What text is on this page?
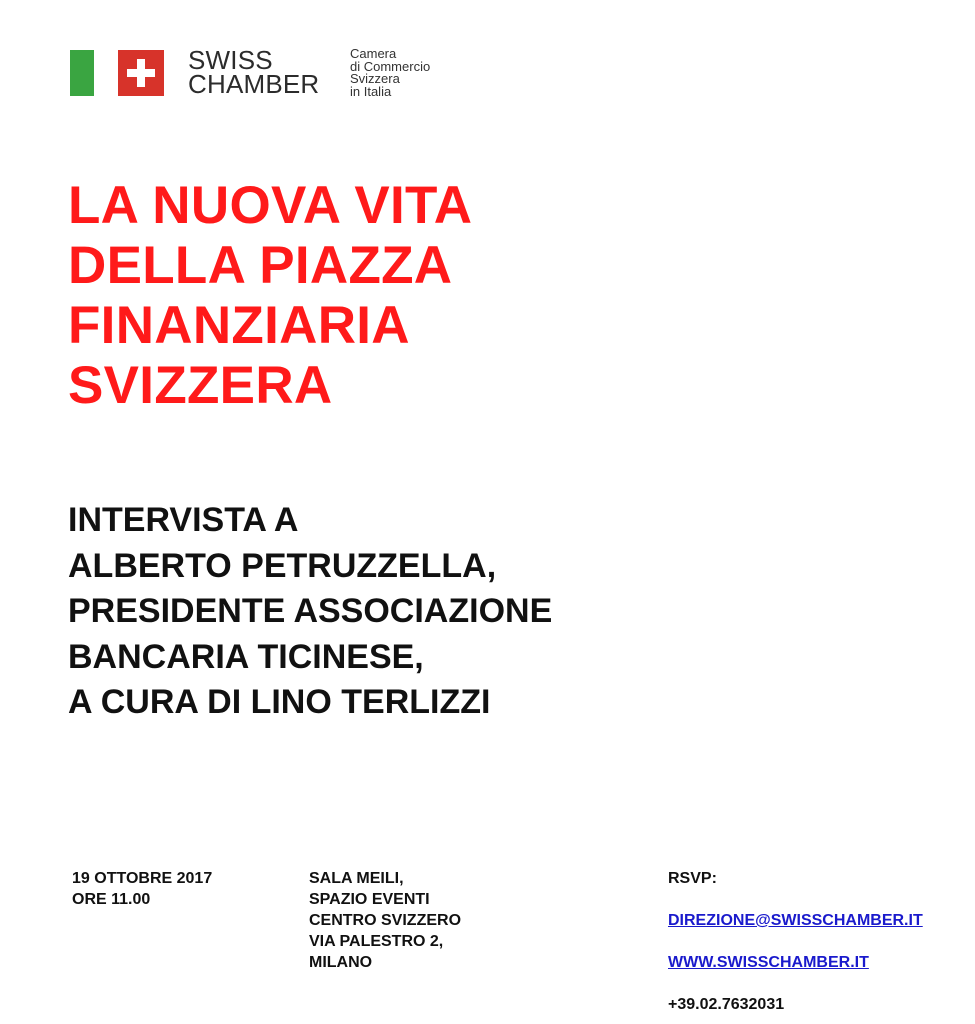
SWISS
CHAMBER
Camera
di Commercio
Svizzera
in Italia
LA NUOVA VITA
DELLA PIAZZA
FINANZIARIA
SVIZZERA
INTERVISTA A
ALBERTO PETRUZZELLA,
PRESIDENTE ASSOCIAZIONE
BANCARIA TICINESE,
A CURA DI LINO TERLIZZI
19 OTTOBRE 2017
ORE 11.00
SALA MEILI,
SPAZIO EVENTI
CENTRO SVIZZERO
VIA PALESTRO 2,
MILANO
RSVP:
DIREZIONE@SWISSCHAMBER.IT
WWW.SWISSCHAMBER.IT
+39.02.7632031
